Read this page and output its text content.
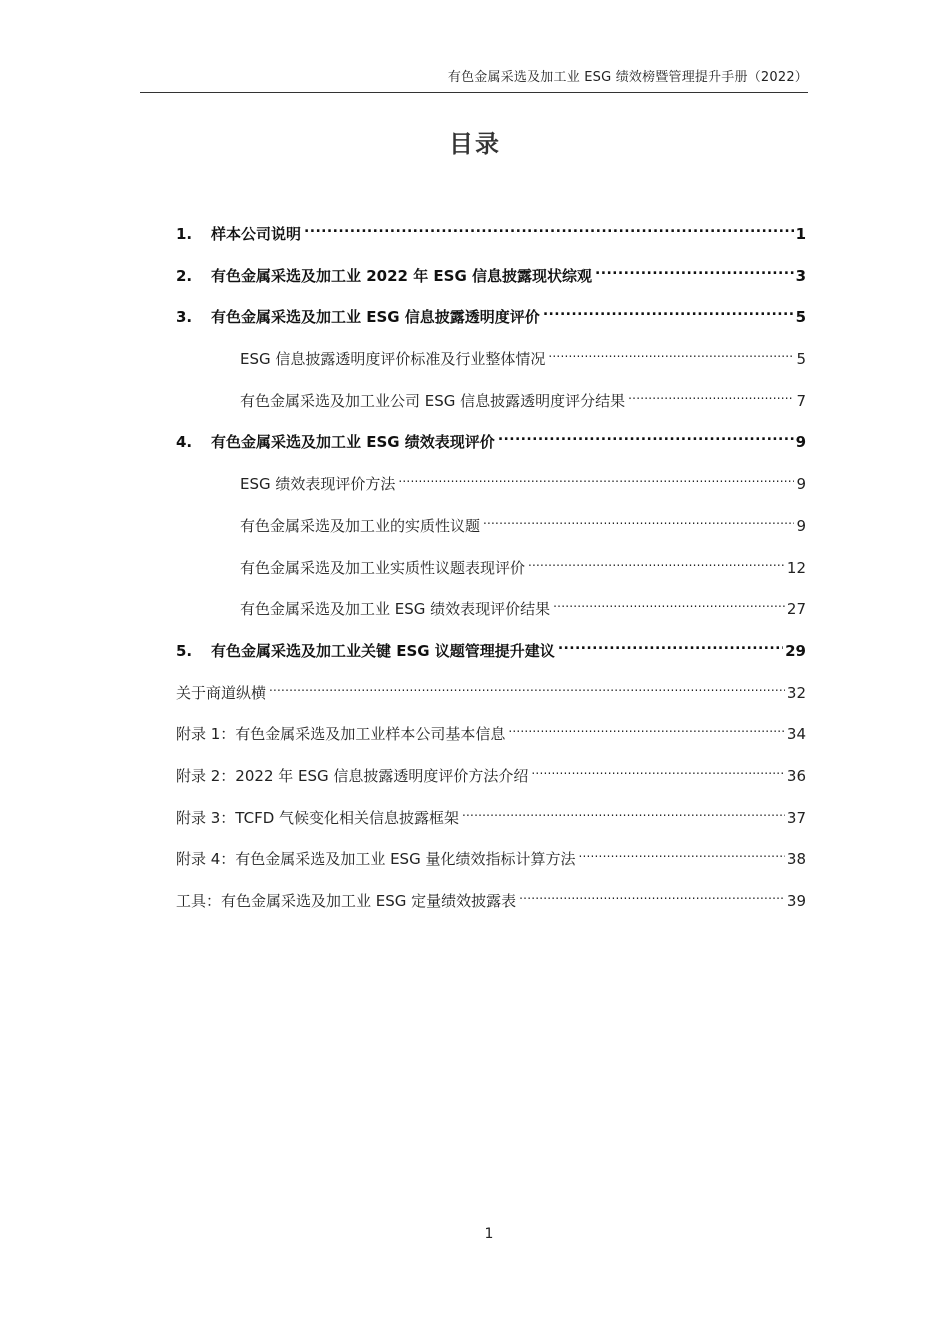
有色金属采选及加工业 ESG 绩效榜暨管理提升手册（2022）
目录
1.	样本公司说明 .....	1
2.	有色金属采选及加工业 2022 年 ESG 信息披露现状综观 .....	3
3.	有色金属采选及加工业 ESG 信息披露透明度评价 .....	5
ESG 信息披露透明度评价标准及行业整体情况 .....	5
有色金属采选及加工业公司 ESG 信息披露透明度评分结果 .....	7
4.	有色金属采选及加工业 ESG 绩效表现评价 .....	9
ESG 绩效表现评价方法 .....	9
有色金属采选及加工业的实质性议题 .....	9
有色金属采选及加工业实质性议题表现评价 .....	12
有色金属采选及加工业 ESG 绩效表现评价结果 .....	27
5.	有色金属采选及加工业关键 ESG 议题管理提升建议 .....	29
关于商道纵横 .....	32
附录 1：有色金属采选及加工业样本公司基本信息 .....	34
附录 2：2022 年 ESG 信息披露透明度评价方法介绍 .....	36
附录 3：TCFD 气候变化相关信息披露框架 .....	37
附录 4：有色金属采选及加工业 ESG 量化绩效指标计算方法 .....	38
工具：有色金属采选及加工业 ESG 定量绩效披露表 .....	39
1
